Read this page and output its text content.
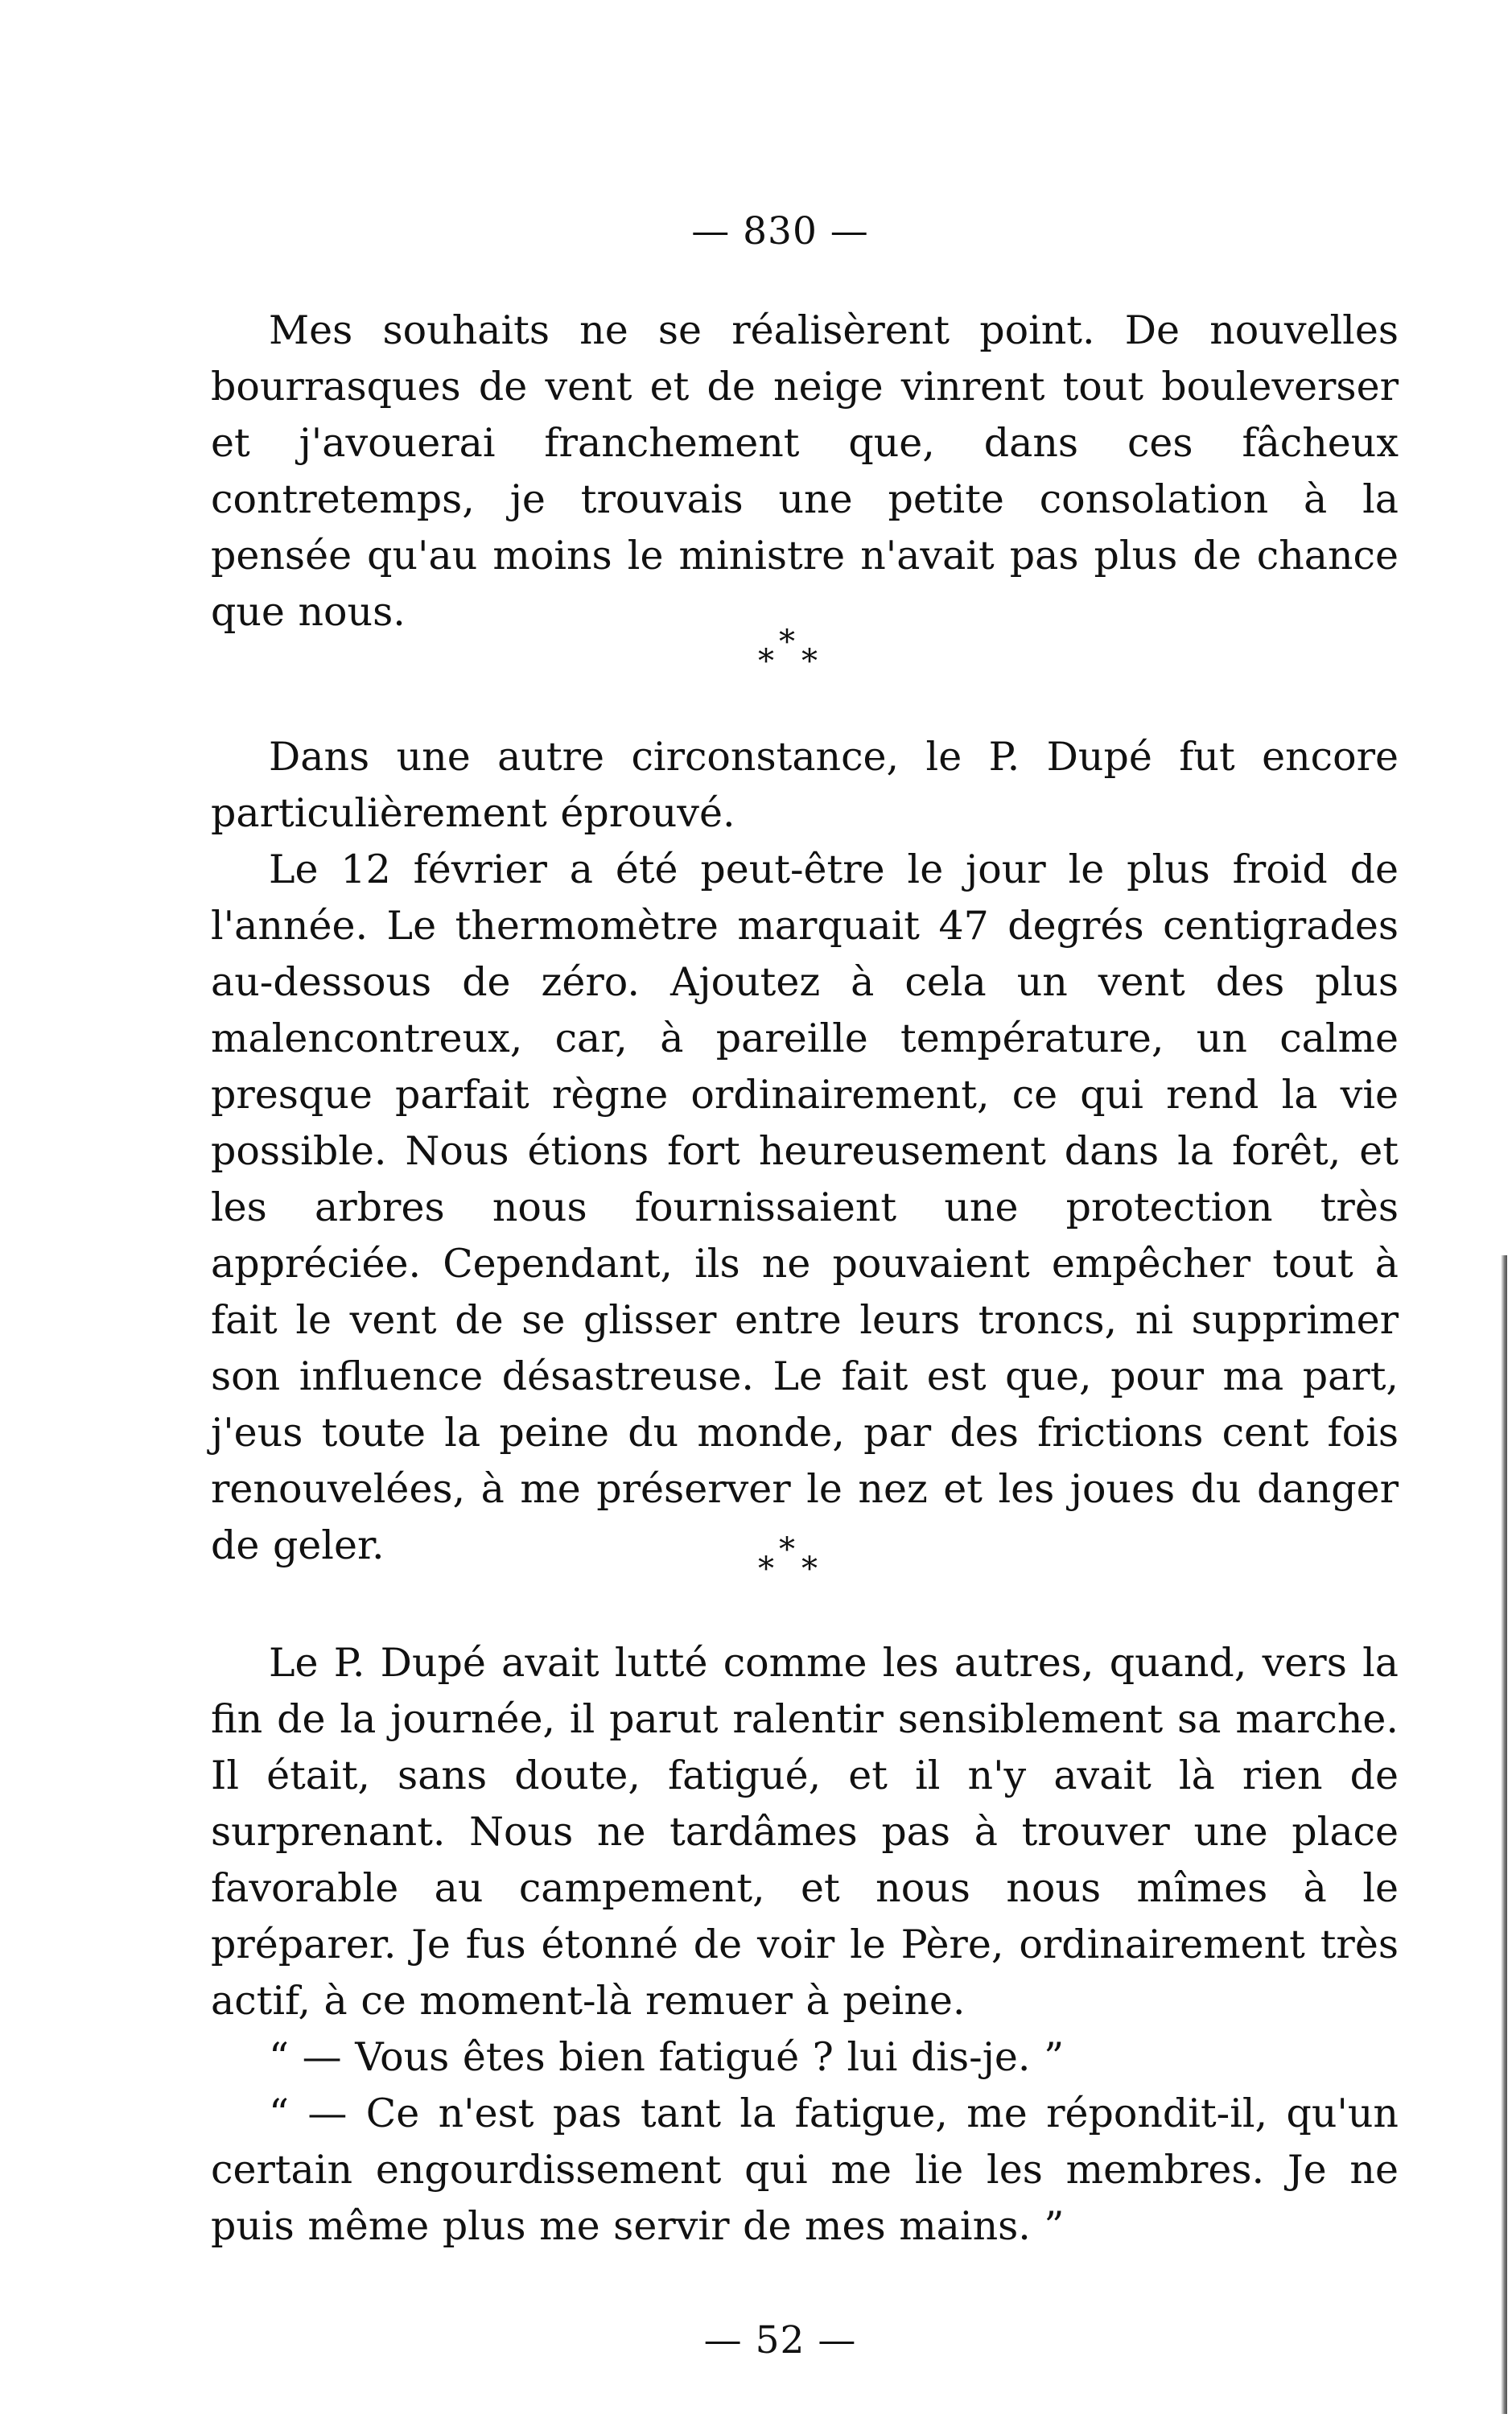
— 830 —

Mes souhaits ne se réalisèrent point. De nouvelles bourrasques de vent et de neige vinrent tout bouleverser et j'avouerai franchement que, dans ces fâcheux contretemps, je trouvais une petite consolation à la pensée qu'au moins le ministre n'avait pas plus de chance que nous.

*
* *

Dans une autre circonstance, le P. Dupé fut encore particulièrement éprouvé.

Le 12 février a été peut-être le jour le plus froid de l'année. Le thermomètre marquait 47 degrés centigrades au-dessous de zéro. Ajoutez à cela un vent des plus malencontreux, car, à pareille température, un calme presque parfait règne ordinairement, ce qui rend la vie possible. Nous étions fort heureusement dans la forêt, et les arbres nous fournissaient une protection très appréciée. Cependant, ils ne pouvaient empêcher tout à fait le vent de se glisser entre leurs troncs, ni supprimer son influence désastreuse. Le fait est que, pour ma part, j'eus toute la peine du monde, par des frictions cent fois renouvelées, à me préserver le nez et les joues du danger de geler.	*
* *

Le P. Dupé avait lutté comme les autres, quand, vers la fin de la journée, il parut ralentir sensiblement sa marche. Il était, sans doute, fatigué, et il n'y avait là rien de surprenant. Nous ne tardâmes pas à trouver une place favorable au campement, et nous nous mîmes à le préparer. Je fus étonné de voir le Père, ordinairement très actif, à ce moment-là remuer à peine.

“ — Vous êtes bien fatigué ? lui dis-je. ”

“ — Ce n'est pas tant la fatigue, me répondit-il, qu'un certain engourdissement qui me lie les membres. Je ne puis même plus me servir de mes mains. ”

— 52 —
